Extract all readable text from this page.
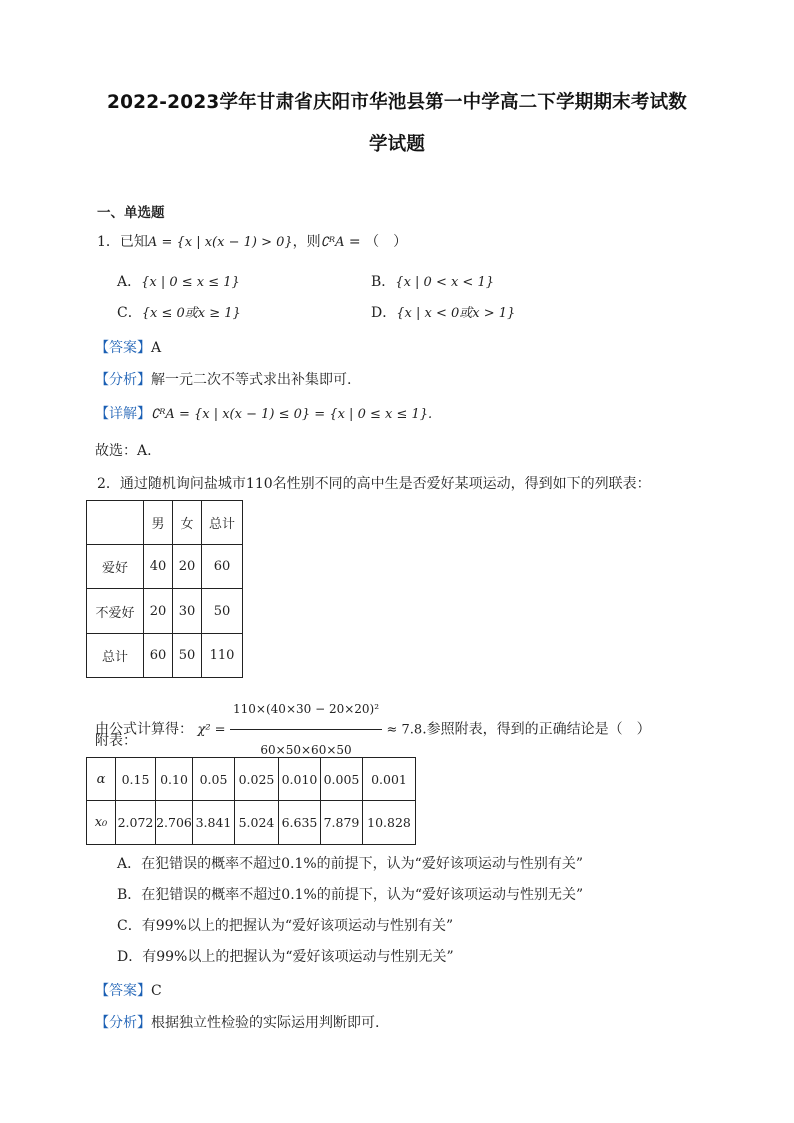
2022-2023学年甘肃省庆阳市华池县第一中学高二下学期期末考试数
学试题
一、单选题
1．已知A = {x | x(x − 1) > 0}，则∁ᴿA = （　）
A．{x | 0 ≤ x ≤ 1}	B．{x | 0 < x < 1}
C．{x ≤ 0或x ≥ 1}	D．{x | x < 0或x > 1}
【答案】A
【分析】解一元二次不等式求出补集即可.
【详解】∁ᴿA = {x | x(x − 1) ≤ 0} = {x | 0 ≤ x ≤ 1}.
故选：A.
2．通过随机询问盐城市110名性别不同的高中生是否爱好某项运动，得到如下的列联表：
	男	女	总计
爱好	40	20	60
不爱好	20	30	50
总计	60	50	110
由公式计算得： $\chi^2 = \frac{\text{110×(40×30 − 20×20)²}}{60\times 50\times 60\times 50} \approx 7.8$.参照附表，得到的正确结论是（　）
附表：
α	0.15	0.10	0.05	0.025	0.010	0.005	0.001
x₀	2.072	2.706	3.841	5.024	6.635	7.879	10.828
A．在犯错误的概率不超过0.1%的前提下，认为“爱好该项运动与性别有关”
B．在犯错误的概率不超过0.1%的前提下，认为“爱好该项运动与性别无关”
C．有99%以上的把握认为“爱好该项运动与性别有关”
D．有99%以上的把握认为“爱好该项运动与性别无关”
【答案】C
【分析】根据独立性检验的实际运用判断即可.
